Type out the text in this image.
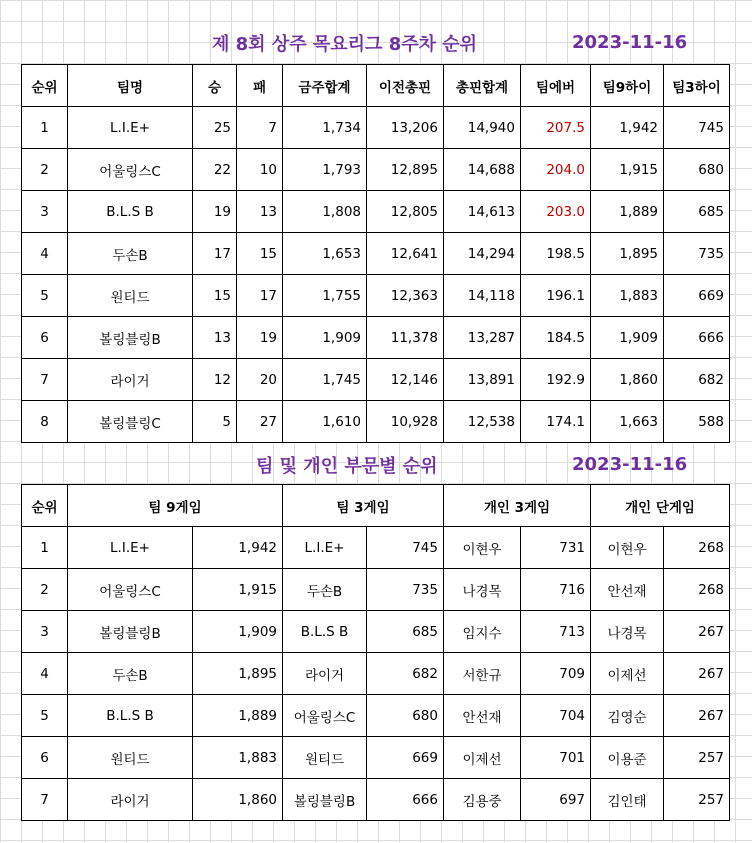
제 8회 상주 목요리그 8주차 순위	2023-11-16
순위	팀명	승	패	금주합계	이전총핀	총핀합계	팀에버	팀9하이	팀3하이
1	L.I.E+	25	7	1,734	13,206	14,940	207.5	1,942	745
2	어울링스C	22	10	1,793	12,895	14,688	204.0	1,915	680
3	B.L.S B	19	13	1,808	12,805	14,613	203.0	1,889	685
4	두손B	17	15	1,653	12,641	14,294	198.5	1,895	735
5	원티드	15	17	1,755	12,363	14,118	196.1	1,883	669
6	볼링블링B	13	19	1,909	11,378	13,287	184.5	1,909	666
7	라이거	12	20	1,745	12,146	13,891	192.9	1,860	682
8	볼링블링C	5	27	1,610	10,928	12,538	174.1	1,663	588
팀 및 개인 부문별 순위	2023-11-16
순위	팀 9게임		팀 3게임		개인 3게임		개인 단게임	
1	L.I.E+	1,942	L.I.E+	745	이현우	731	이현우	268
2	어울링스C	1,915	두손B	735	나경목	716	안선재	268
3	볼링블링B	1,909	B.L.S B	685	임지수	713	나경목	267
4	두손B	1,895	라이거	682	서한규	709	이제선	267
5	B.L.S B	1,889	어울링스C	680	안선재	704	김영순	267
6	원티드	1,883	원티드	669	이제선	701	이용준	257
7	라이거	1,860	볼링블링B	666	김용중	697	김인태	257
